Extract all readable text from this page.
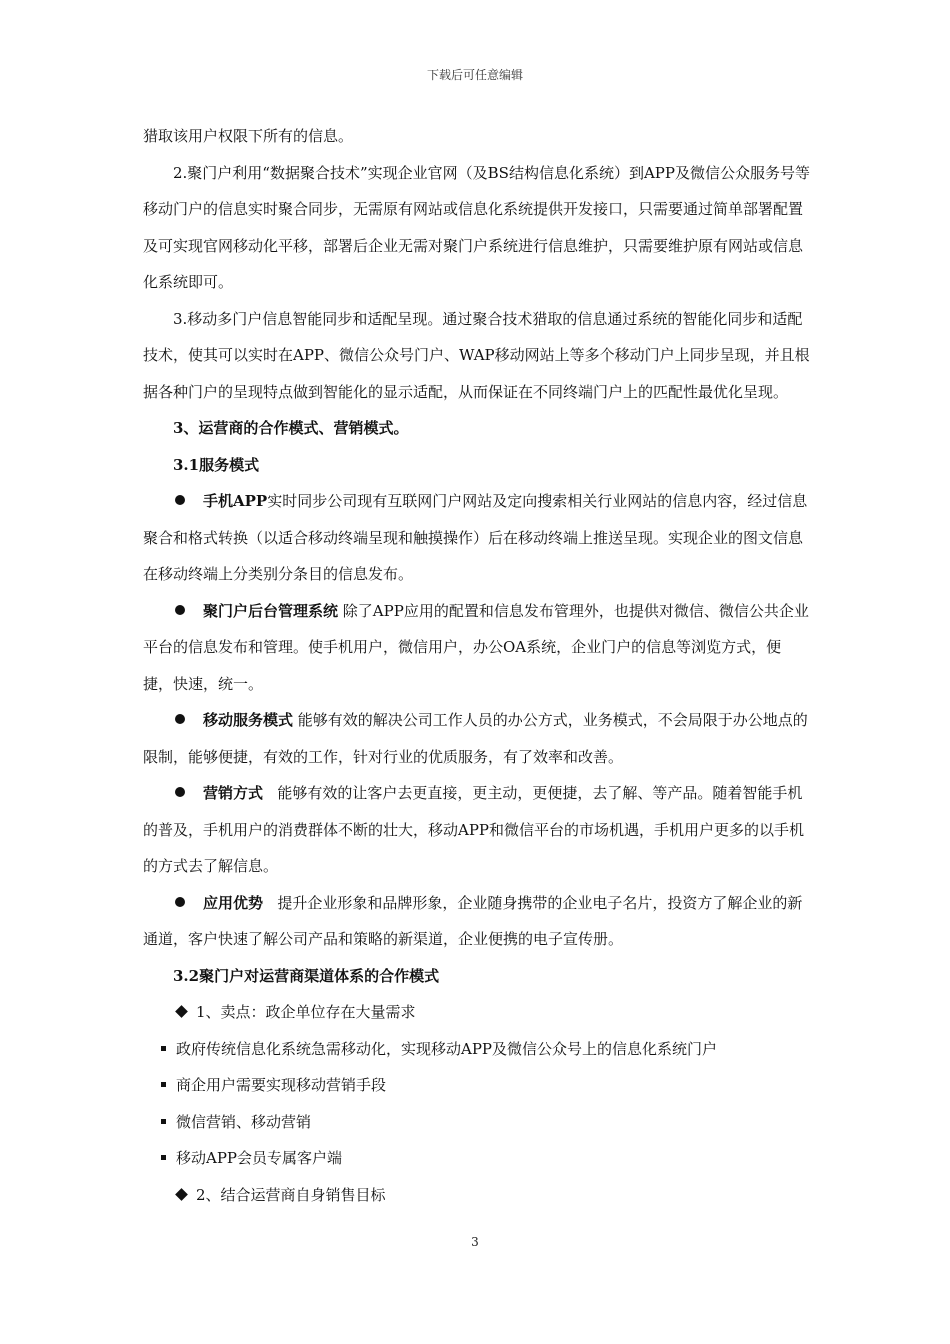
下载后可任意编辑

猎取该用户权限下所有的信息。

2.聚门户利用“数据聚合技术”实现企业官网（及BS结构信息化系统）到APP及微信公众服务号等移动门户的信息实时聚合同步，无需原有网站或信息化系统提供开发接口，只需要通过简单部署配置及可实现官网移动化平移，部署后企业无需对聚门户系统进行信息维护，只需要维护原有网站或信息化系统即可。

3.移动多门户信息智能同步和适配呈现。通过聚合技术猎取的信息通过系统的智能化同步和适配技术，使其可以实时在APP、微信公众号门户、WAP移动网站上等多个移动门户上同步呈现，并且根据各种门户的呈现特点做到智能化的显示适配，从而保证在不同终端门户上的匹配性最优化呈现。

3、运营商的合作模式、营销模式。

3.1服务模式

手机APP实时同步公司现有互联网门户网站及定向搜索相关行业网站的信息内容，经过信息聚合和格式转换（以适合移动终端呈现和触摸操作）后在移动终端上推送呈现。实现企业的图文信息在移动终端上分类别分条目的信息发布。

聚门户后台管理系统 除了APP应用的配置和信息发布管理外，也提供对微信、微信公共企业平台的信息发布和管理。使手机用户，微信用户，办公OA系统，企业门户的信息等浏览方式，便捷，快速，统一。

移动服务模式 能够有效的解决公司工作人员的办公方式，业务模式，不会局限于办公地点的限制，能够便捷，有效的工作，针对行业的优质服务，有了效率和改善。

营销方式 能够有效的让客户去更直接，更主动，更便捷，去了解、等产品。随着智能手机的普及，手机用户的消费群体不断的壮大，移动APP和微信平台的市场机遇，手机用户更多的以手机的方式去了解信息。

应用优势 提升企业形象和品牌形象，企业随身携带的企业电子名片，投资方了解企业的新通道，客户快速了解公司产品和策略的新渠道，企业便携的电子宣传册。

3.2聚门户对运营商渠道体系的合作模式

1、卖点：政企单位存在大量需求

政府传统信息化系统急需移动化，实现移动APP及微信公众号上的信息化系统门户

商企用户需要实现移动营销手段

微信营销、移动营销

移动APP会员专属客户端

2、结合运营商自身销售目标

3
